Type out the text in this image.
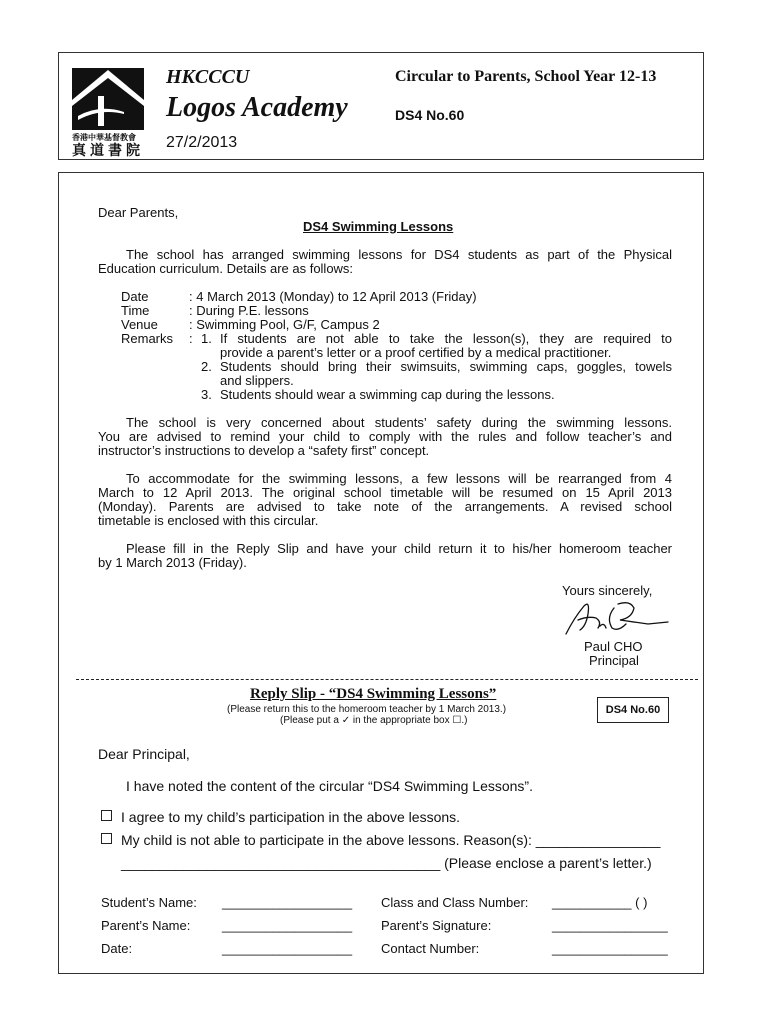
香港中華基督教會
真道書院
HKCCCU
Logos Academy
27/2/2013
Circular to Parents, School Year 12-13
DS4 No.60
Dear Parents,
DS4 Swimming Lessons
The school has arranged swimming lessons for DS4 students as part of the Physical
Education curriculum. Details are as follows:
Date	: 4 March 2013 (Monday) to 12 April 2013 (Friday)
Time	: During P.E. lessons
Venue : Swimming Pool, G/F, Campus 2
Remarks : 1. If students are not able to take the lesson(s), they are required to
provide a parent’s letter or a proof certified by a medical practitioner.
2. Students should bring their swimsuits, swimming caps, goggles, towels
and slippers.
3. Students should wear a swimming cap during the lessons.
The school is very concerned about students’ safety during the swimming lessons.
You are advised to remind your child to comply with the rules and follow teacher’s and
instructor’s instructions to develop a “safety first” concept.
To accommodate for the swimming lessons, a few lessons will be rearranged from 4
March to 12 April 2013. The original school timetable will be resumed on 15 April 2013
(Monday). Parents are advised to take note of the arrangements. A revised school
timetable is enclosed with this circular.
Please fill in the Reply Slip and have your child return it to his/her homeroom teacher
by 1 March 2013 (Friday).
Yours sincerely,
Paul CHO
Principal
Reply Slip - “DS4 Swimming Lessons”
(Please return this to the homeroom teacher by 1 March 2013.)
(Please put a ✓ in the appropriate box ☐.)
DS4 No.60
Dear Principal,
I have noted the content of the circular “DS4 Swimming Lessons”.
I agree to my child’s participation in the above lessons.
My child is not able to participate in the above lessons. Reason(s): ________________
_________________________________________ (Please enclose a parent’s letter.)
Student’s Name: __________________ Class and Class Number: ___________ ( )
Parent’s Name: __________________ Parent’s Signature:	________________
Date:	__________________ Contact Number:	________________
